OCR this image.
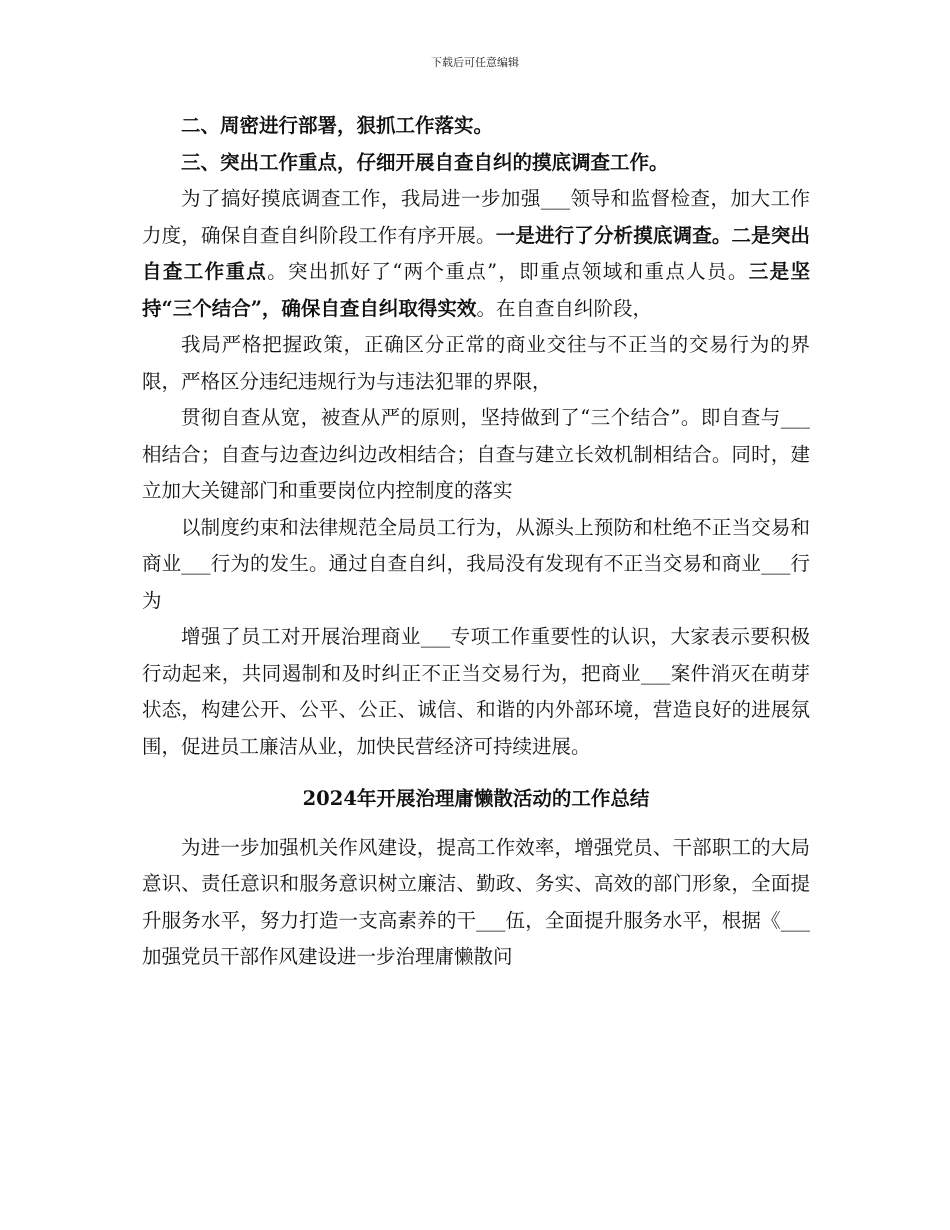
下载后可任意编辑

二、周密进行部署，狠抓工作落实。

三、突出工作重点，仔细开展自查自纠的摸底调查工作。

为了搞好摸底调查工作，我局进一步加强___领导和监督检查，加大工作力度，确保自查自纠阶段工作有序开展。一是进行了分析摸底调查。二是突出自查工作重点。突出抓好了“两个重点”，即重点领域和重点人员。三是坚持“三个结合”，确保自查自纠取得实效。在自查自纠阶段，

我局严格把握政策，正确区分正常的商业交往与不正当的交易行为的界限，严格区分违纪违规行为与违法犯罪的界限，

贯彻自查从宽，被查从严的原则，坚持做到了“三个结合”。即自查与___相结合；自查与边查边纠边改相结合；自查与建立长效机制相结合。同时，建立加大关键部门和重要岗位内控制度的落实

以制度约束和法律规范全局员工行为，从源头上预防和杜绝不正当交易和商业___行为的发生。通过自查自纠，我局没有发现有不正当交易和商业___行为

增强了员工对开展治理商业___专项工作重要性的认识，大家表示要积极行动起来，共同遏制和及时纠正不正当交易行为，把商业___案件消灭在萌芽状态，构建公开、公平、公正、诚信、和谐的内外部环境，营造良好的进展氛围，促进员工廉洁从业，加快民营经济可持续进展。

2024年开展治理庸懒散活动的工作总结

为进一步加强机关作风建设，提高工作效率，增强党员、干部职工的大局意识、责任意识和服务意识树立廉洁、勤政、务实、高效的部门形象，全面提升服务水平，努力打造一支高素养的干___伍，全面提升服务水平，根据《___加强党员干部作风建设进一步治理庸懒散问
